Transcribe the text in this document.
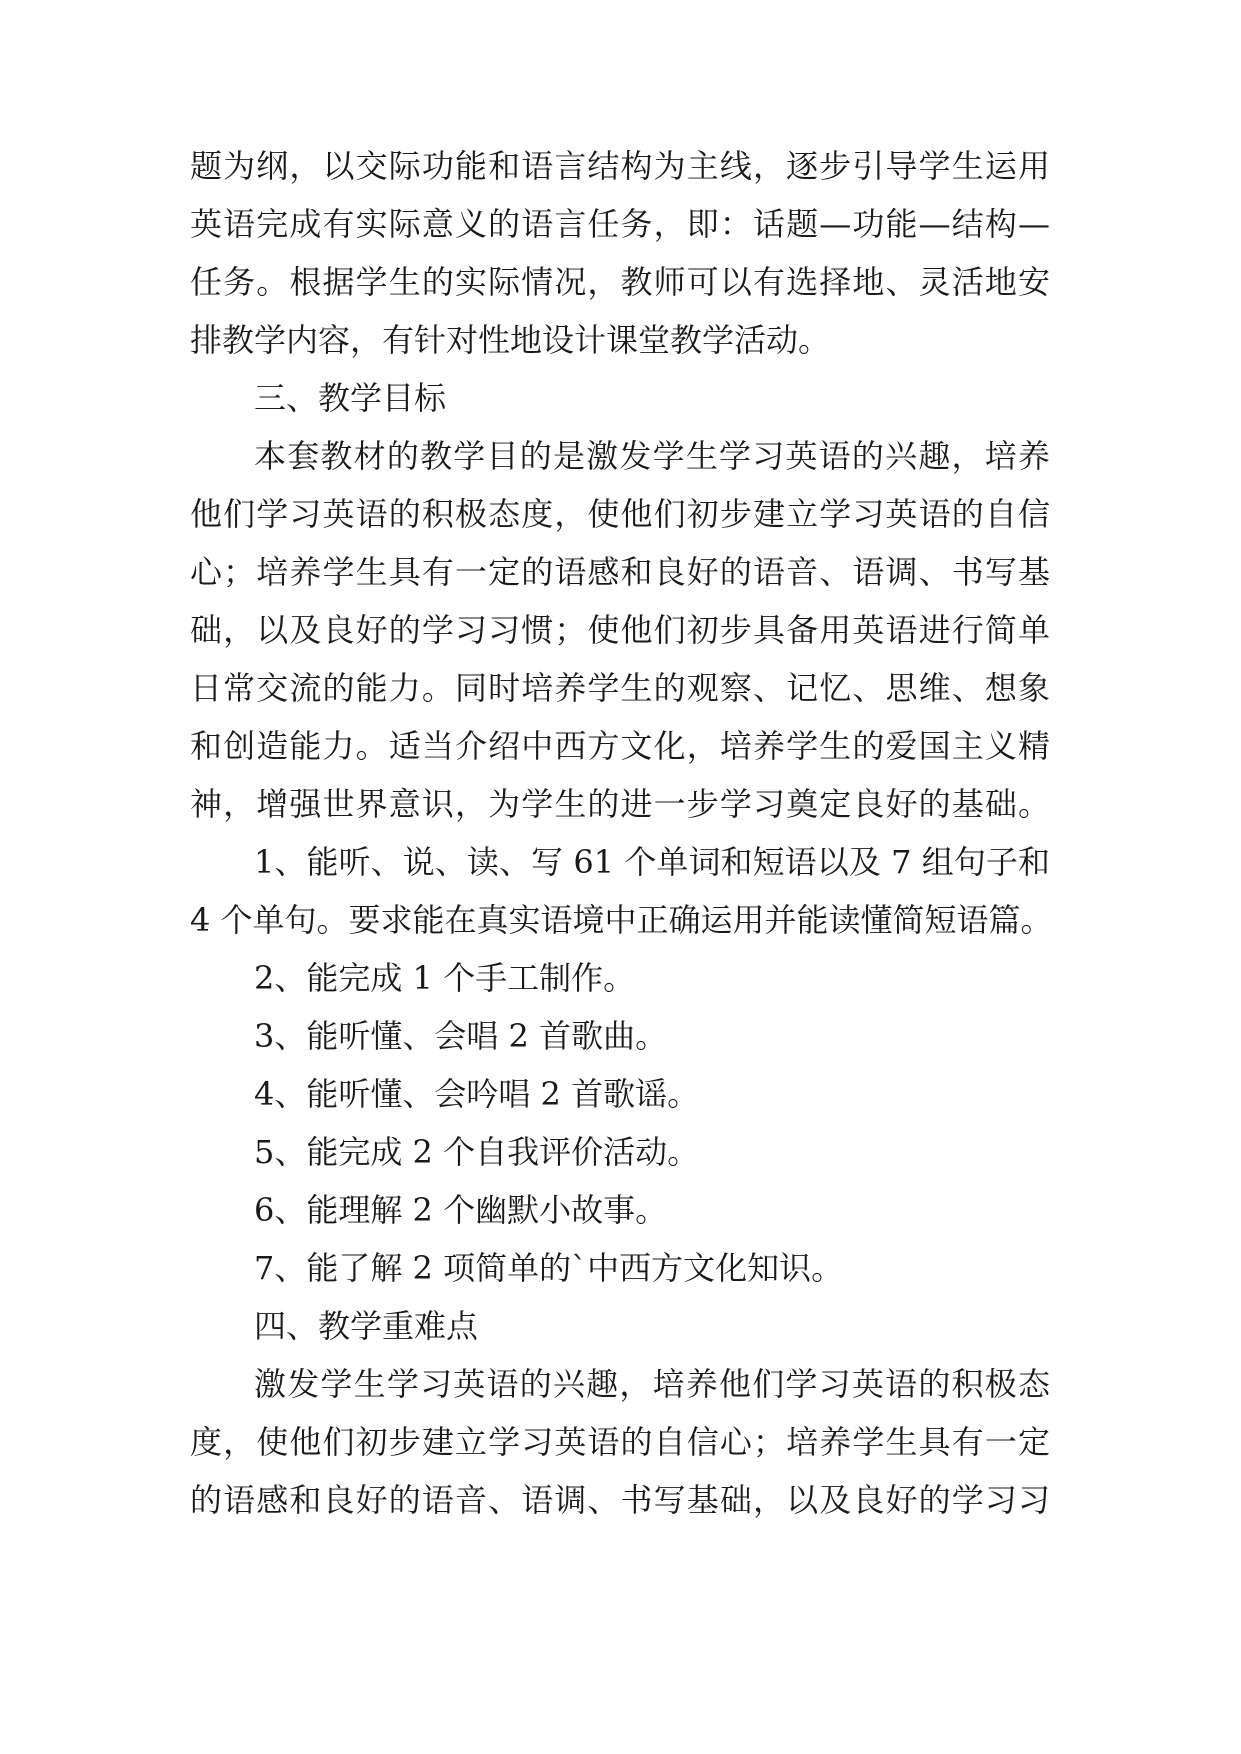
题为纲，以交际功能和语言结构为主线，逐步引导学生运用
英语完成有实际意义的语言任务，即：话题—功能—结构—
任务。根据学生的实际情况，教师可以有选择地、灵活地安
排教学内容，有针对性地设计课堂教学活动。
三、教学目标
本套教材的教学目的是激发学生学习英语的兴趣，培养
他们学习英语的积极态度，使他们初步建立学习英语的自信
心；培养学生具有一定的语感和良好的语音、语调、书写基
础，以及良好的学习习惯；使他们初步具备用英语进行简单
日常交流的能力。同时培养学生的观察、记忆、思维、想象
和创造能力。适当介绍中西方文化，培养学生的爱国主义精
神，增强世界意识，为学生的进一步学习奠定良好的基础。
1、能听、说、读、写 61 个单词和短语以及 7 组句子和
4 个单句。要求能在真实语境中正确运用并能读懂简短语篇。
2、能完成 1 个手工制作。
3、能听懂、会唱 2 首歌曲。
4、能听懂、会吟唱 2 首歌谣。
5、能完成 2 个自我评价活动。
6、能理解 2 个幽默小故事。
7、能了解 2 项简单的`中西方文化知识。
四、教学重难点
激发学生学习英语的兴趣，培养他们学习英语的积极态
度，使他们初步建立学习英语的自信心；培养学生具有一定
的语感和良好的语音、语调、书写基础，以及良好的学习习
